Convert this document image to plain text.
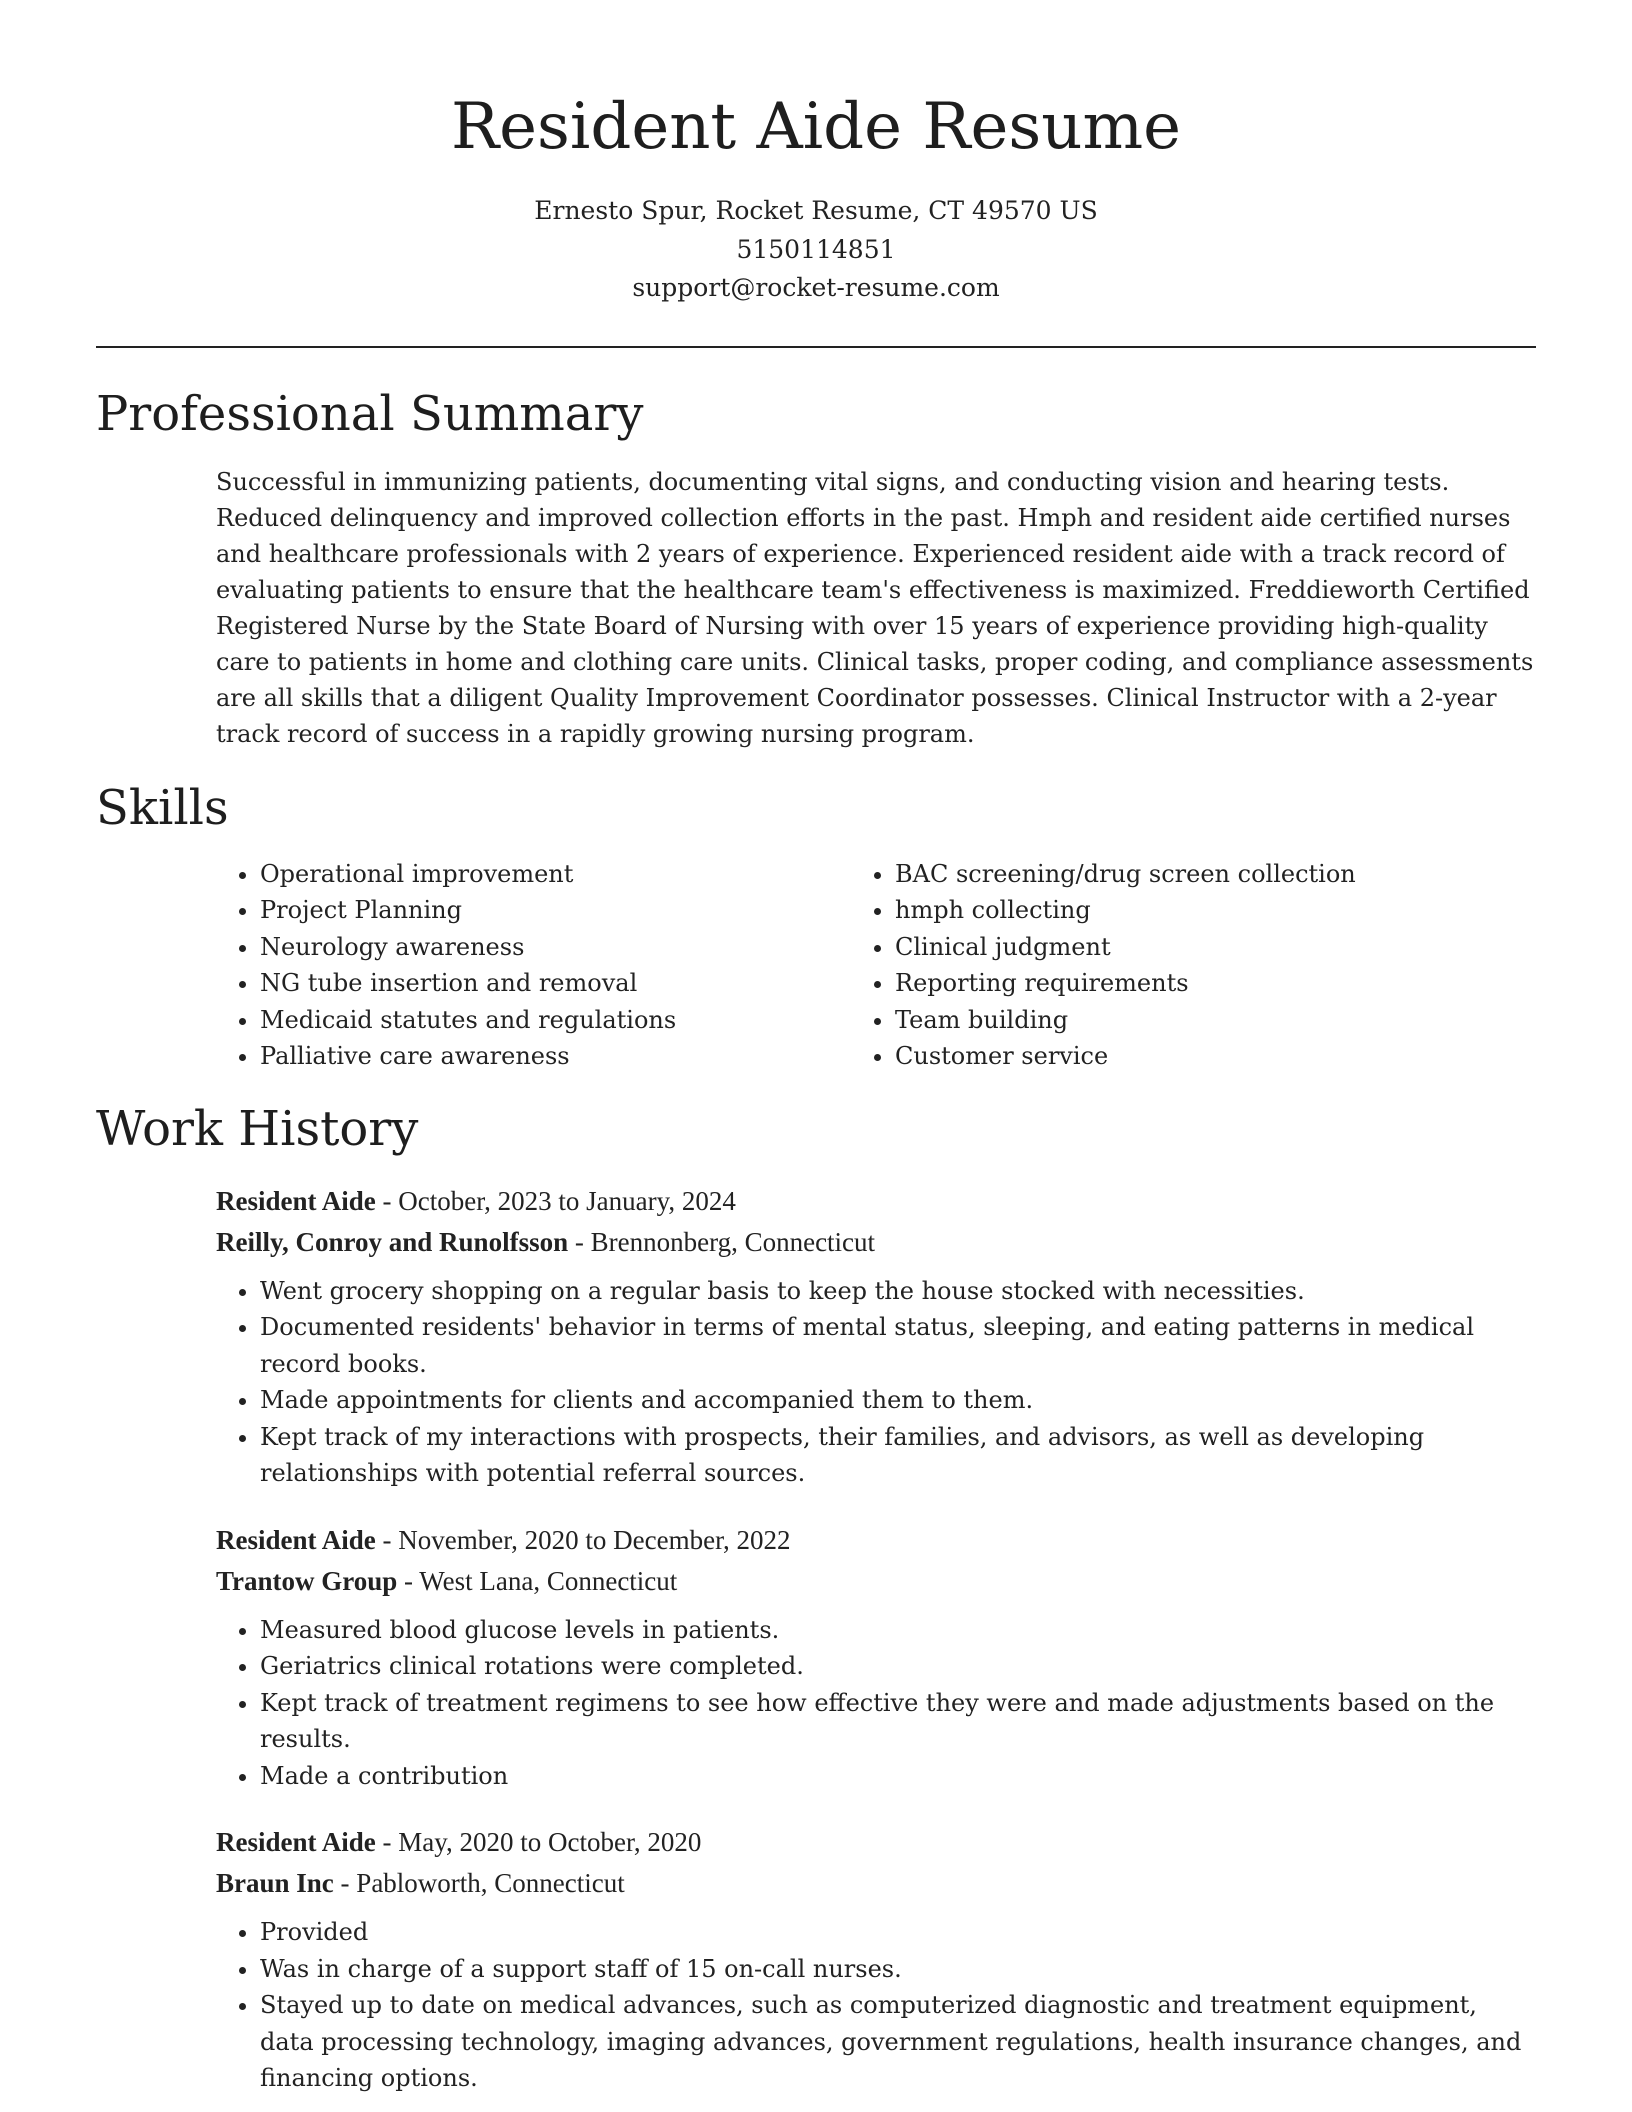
Resident Aide Resume
Ernesto Spur, Rocket Resume, CT 49570 US
5150114851
support@rocket-resume.com
Professional Summary

Successful in immunizing patients, documenting vital signs, and conducting vision and hearing tests. Reduced delinquency and improved collection efforts in the past. Hmph and resident aide certified nurses and healthcare professionals with 2 years of experience. Experienced resident aide with a track record of evaluating patients to ensure that the healthcare team's effectiveness is maximized. Freddieworth Certified Registered Nurse by the State Board of Nursing with over 15 years of experience providing high-quality care to patients in home and clothing care units. Clinical tasks, proper coding, and compliance assessments are all skills that a diligent Quality Improvement Coordinator possesses. Clinical Instructor with a 2-year track record of success in a rapidly growing nursing program.

Skills
• Operational improvement
• Project Planning
• Neurology awareness
• NG tube insertion and removal
• Medicaid statutes and regulations
• Palliative care awareness
• BAC screening/drug screen collection
• hmph collecting
• Clinical judgment
• Reporting requirements
• Team building
• Customer service
Work History
Resident Aide - October, 2023 to January, 2024
Reilly, Conroy and Runolfsson - Brennonberg, Connecticut
• Went grocery shopping on a regular basis to keep the house stocked with necessities.
• Documented residents' behavior in terms of mental status, sleeping, and eating patterns in medical record books.
• Made appointments for clients and accompanied them to them.
• Kept track of my interactions with prospects, their families, and advisors, as well as developing relationships with potential referral sources.
Resident Aide - November, 2020 to December, 2022
Trantow Group - West Lana, Connecticut
• Measured blood glucose levels in patients.
• Geriatrics clinical rotations were completed.
• Kept track of treatment regimens to see how effective they were and made adjustments based on the results.
• Made a contribution
Resident Aide - May, 2020 to October, 2020
Braun Inc - Pabloworth, Connecticut
• Provided
• Was in charge of a support staff of 15 on-call nurses.
• Stayed up to date on medical advances, such as computerized diagnostic and treatment equipment, data processing technology, imaging advances, government regulations, health insurance changes, and financing options.
